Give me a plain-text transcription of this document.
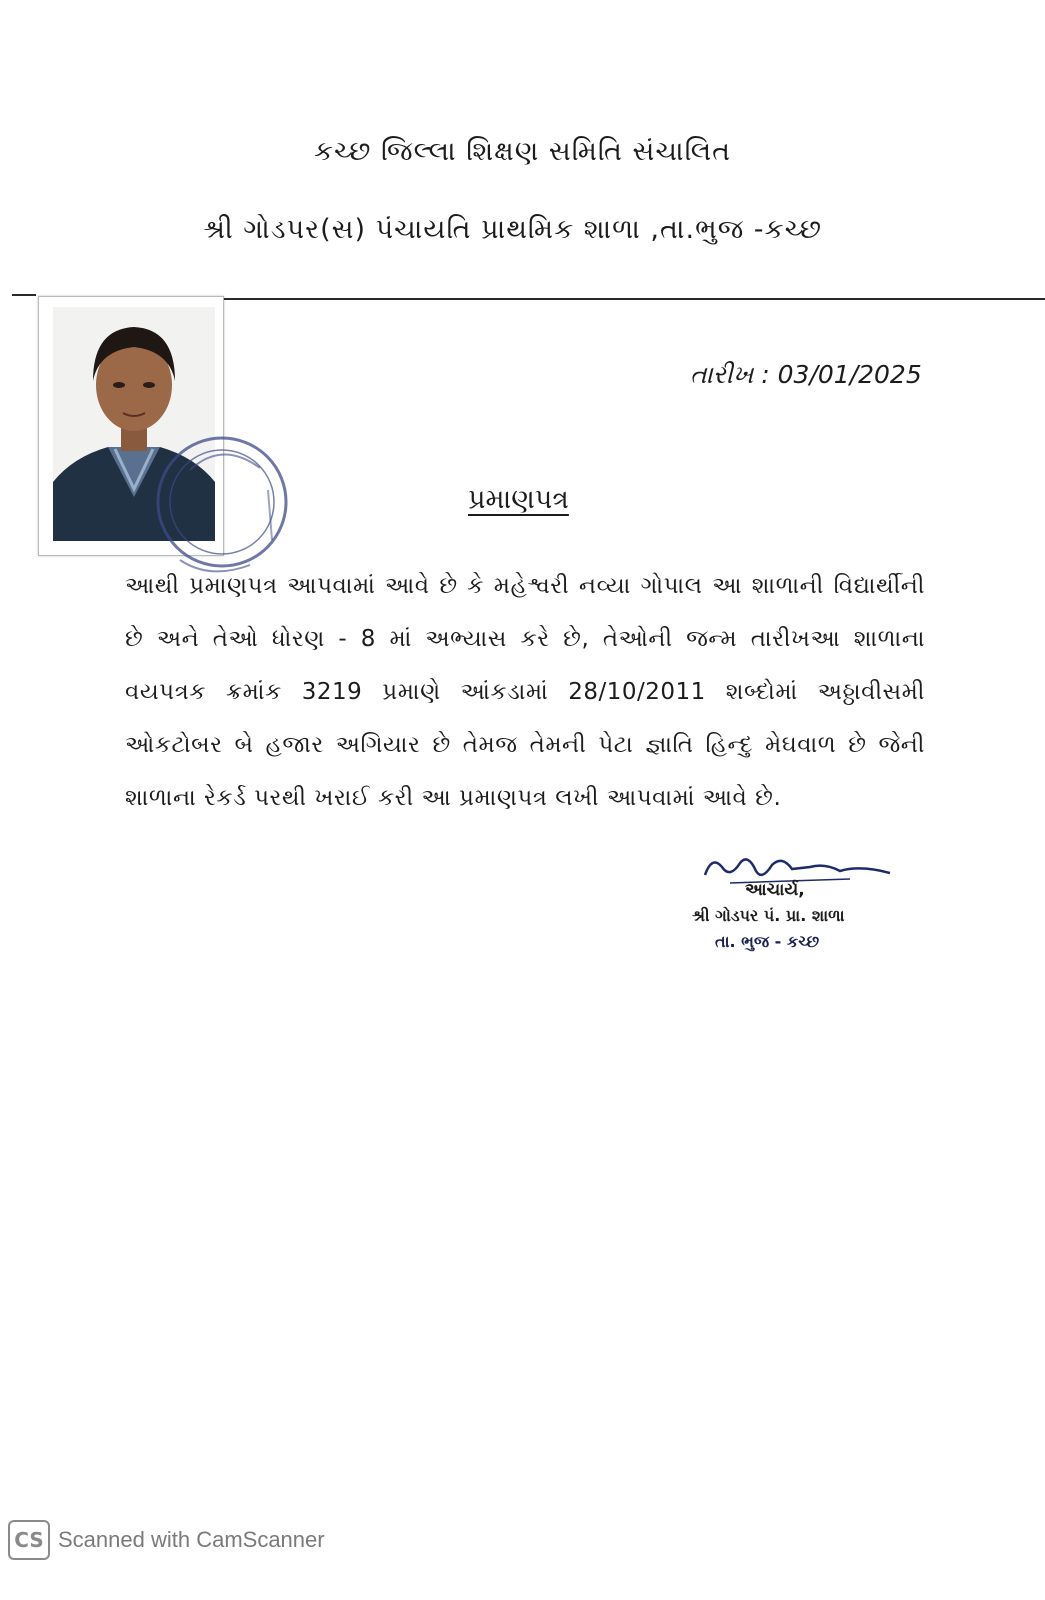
કચ્છ જિલ્લા શિક્ષણ સમિતિ સંચાલિત
શ્રી ગોડપર(સ) પંચાયતિ પ્રાથમિક શાળા ,તા.ભુજ -કચ્છ
તારીખ : 03/01/2025
પ્રમાણપત્ર
આથી પ્રમાણપત્ર આપવામાં આવે છે કે મહેશ્વરી નવ્યા ગોપાલ આ શાળાની વિદ્યાર્થીની છે અને તેઓ ધોરણ - 8 માં અભ્યાસ કરે છે, તેઓની જન્મ તારીખઆ શાળાના વયપત્રક ક્રમાંક 3219 પ્રમાણે આંકડામાં 28/10/2011 શબ્દોમાં અઠ્ઠાવીસમી ઓકટોબર બે હજાર અગિયાર છે તેમજ તેમની પેટા જ્ઞાતિ હિન્દુ મેઘવાળ છે જેની શાળાના રેકર્ડ પરથી ખરાઈ કરી આ પ્રમાણપત્ર લખી આપવામાં આવે છે.
આચાર્ય,
શ્રી ગોડપર પં. પ્રા. શાળા
તા. ભુજ - કચ્છ
CS Scanned with CamScanner
